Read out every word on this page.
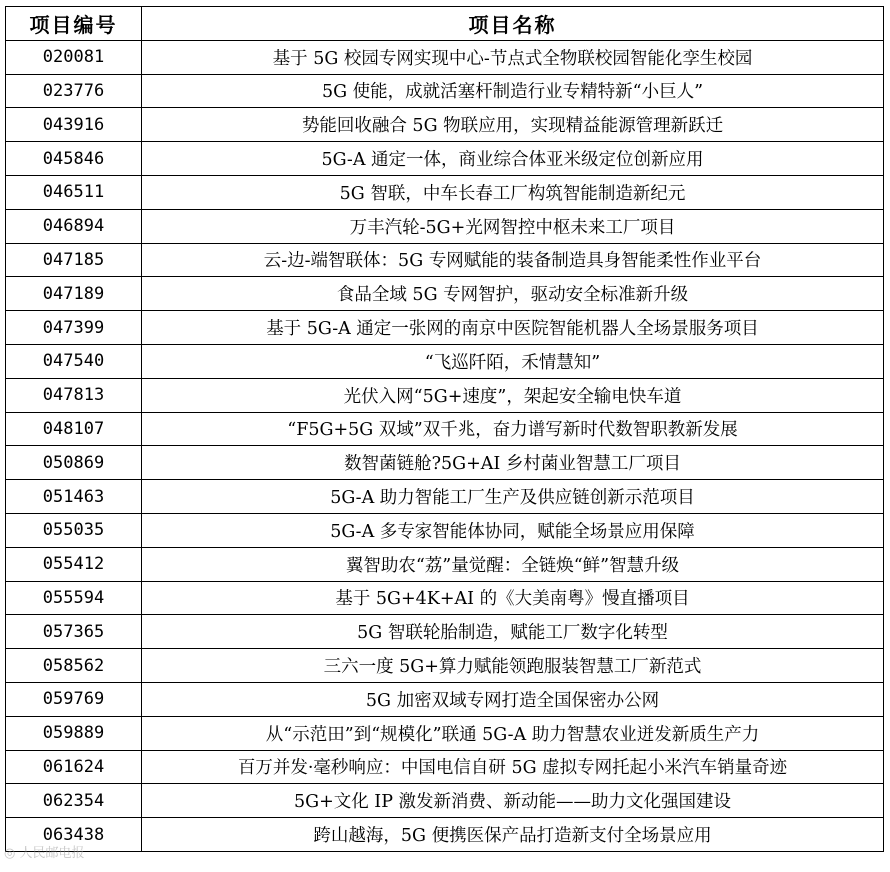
项目编号	项目名称
020081	基于 5G 校园专网实现中心-节点式全物联校园智能化孪生校园
023776	5G 使能，成就活塞杆制造行业专精特新“小巨人”
043916	势能回收融合 5G 物联应用，实现精益能源管理新跃迁
045846	5G-A 通定一体，商业综合体亚米级定位创新应用
046511	5G 智联，中车长春工厂构筑智能制造新纪元
046894	万丰汽轮-5G+光网智控中枢未来工厂项目
047185	云-边-端智联体：5G 专网赋能的装备制造具身智能柔性作业平台
047189	食品全域 5G 专网智护，驱动安全标准新升级
047399	基于 5G-A 通定一张网的南京中医院智能机器人全场景服务项目
047540	“飞巡阡陌，禾情慧知”
047813	光伏入网“5G+速度”，架起安全输电快车道
048107	“F5G+5G 双域”双千兆，奋力谱写新时代数智职教新发展
050869	数智菌链舱?5G+AI 乡村菌业智慧工厂项目
051463	5G-A 助力智能工厂生产及供应链创新示范项目
055035	5G-A 多专家智能体协同，赋能全场景应用保障
055412	翼智助农“荔”量觉醒：全链焕“鲜”智慧升级
055594	基于 5G+4K+AI 的《大美南粤》慢直播项目
057365	5G 智联轮胎制造，赋能工厂数字化转型
058562	三六一度 5G+算力赋能领跑服装智慧工厂新范式
059769	5G 加密双域专网打造全国保密办公网
059889	从“示范田”到“规模化”联通 5G-A 助力智慧农业迸发新质生产力
061624	百万并发·毫秒响应：中国电信自研 5G 虚拟专网托起小米汽车销量奇迹
062354	5G+文化 IP 激发新消费、新动能——助力文化强国建设
063438	跨山越海，5G 便携医保产品打造新支付全场景应用
◎ 人民邮电报
